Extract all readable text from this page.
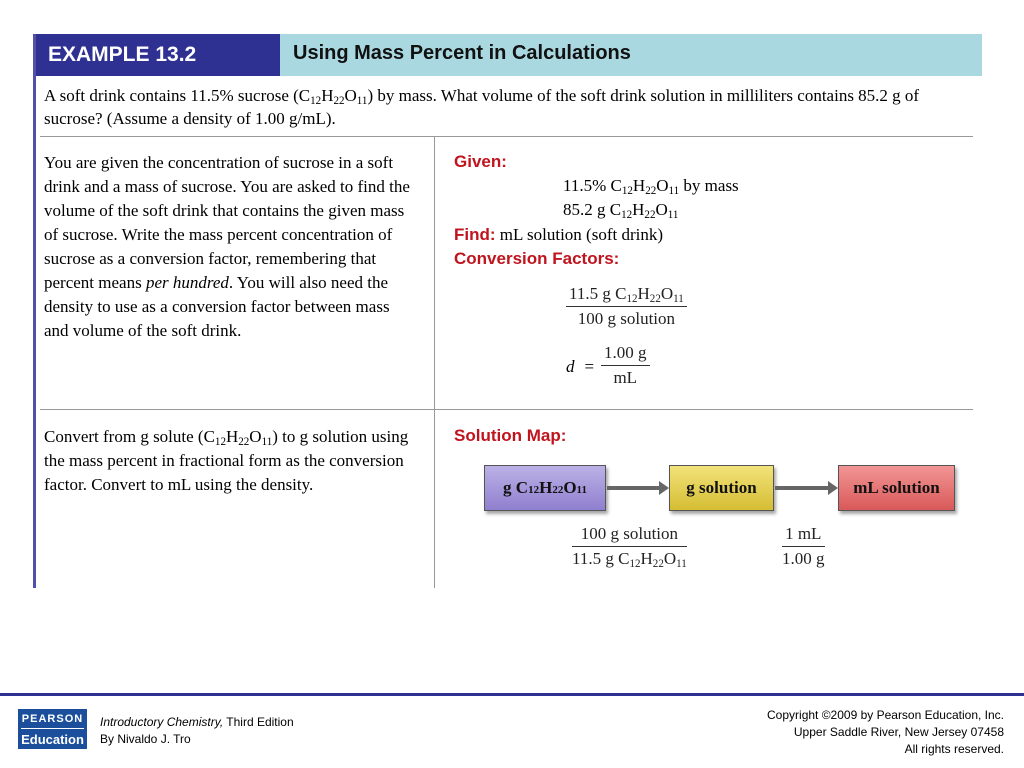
EXAMPLE 13.2	Using Mass Percent in Calculations
A soft drink contains 11.5% sucrose $(C_{12}H_{22}O_{11})$ by mass. What volume of the soft drink solution in milliliters contains 85.2 g of sucrose? (Assume a density of 1.00 g/mL).
You are given the concentration of sucrose in a soft drink and a mass of sucrose. You are asked to find the volume of the soft drink that contains the given mass of sucrose. Write the mass percent concentration of sucrose as a conversion factor, remembering that percent means per hundred. You will also need the density to use as a conversion factor between mass and volume of the soft drink.
Given:
11.5% $C_{12}H_{22}O_{11}$ by mass
85.2 g $C_{12}H_{22}O_{11}$
Find: mL solution (soft drink)
Conversion Factors:
11.5 g $C_{12}H_{22}O_{11}$
100 g solution
$d = \frac{1.00 g}{mL}$
Convert from g solute $(C_{12}H_{22}O_{11})$ to g solution using the mass percent in fractional form as the conversion factor. Convert to mL using the density.
Solution Map:
g C12H22O11	g solution	mL solution
100 g solution
11.5 g $C_{12}H_{22}O_{11}$	$\frac{1 mL}{1.00 g}$
PEARSON
Education
Introductory Chemistry, Third Edition
By Nivaldo J. Tro
Copyright ©2009 by Pearson Education, Inc.
Upper Saddle River, New Jersey 07458
All rights reserved.
